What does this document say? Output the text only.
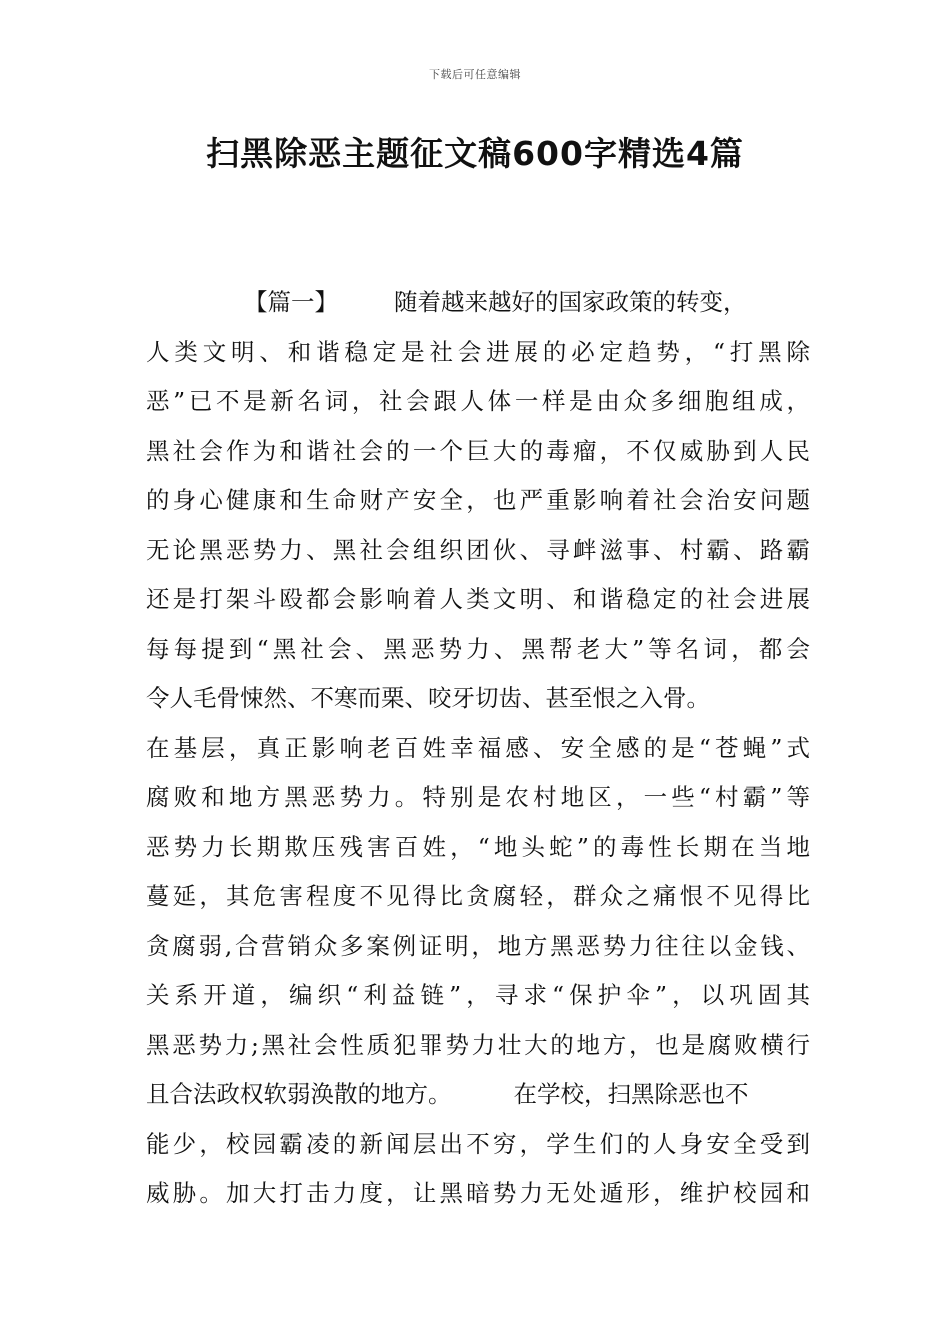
下载后可任意编辑
扫黑除恶主题征文稿600字精选4篇
【篇一】 随着越来越好的国家政策的转变，
人类文明、和谐稳定是社会进展的必定趋势，“打黑除
恶”已不是新名词，社会跟人体一样是由众多细胞组成，
黑社会作为和谐社会的一个巨大的毒瘤，不仅威胁到人民
的身心健康和生命财产安全，也严重影响着社会治安问题
无论黑恶势力、黑社会组织团伙、寻衅滋事、村霸、路霸
还是打架斗殴都会影响着人类文明、和谐稳定的社会进展
每每提到“黑社会、黑恶势力、黑帮老大”等名词，都会
令人毛骨悚然、不寒而栗、咬牙切齿、甚至恨之入骨。
在基层，真正影响老百姓幸福感、安全感的是“苍蝇”式
腐败和地方黑恶势力。特别是农村地区，一些“村霸”等
恶势力长期欺压残害百姓，“地头蛇”的毒性长期在当地
蔓延，其危害程度不见得比贪腐轻，群众之痛恨不见得比
贪腐弱,合营销众多案例证明，地方黑恶势力往往以金钱、
关系开道，编织“利益链”，寻求“保护伞”，以巩固其
黑恶势力;黑社会性质犯罪势力壮大的地方，也是腐败横行
且合法政权软弱涣散的地方。	在学校，扫黑除恶也不
能少，校园霸凌的新闻层出不穷，学生们的人身安全受到
威胁。加大打击力度，让黑暗势力无处遁形，维护校园和
